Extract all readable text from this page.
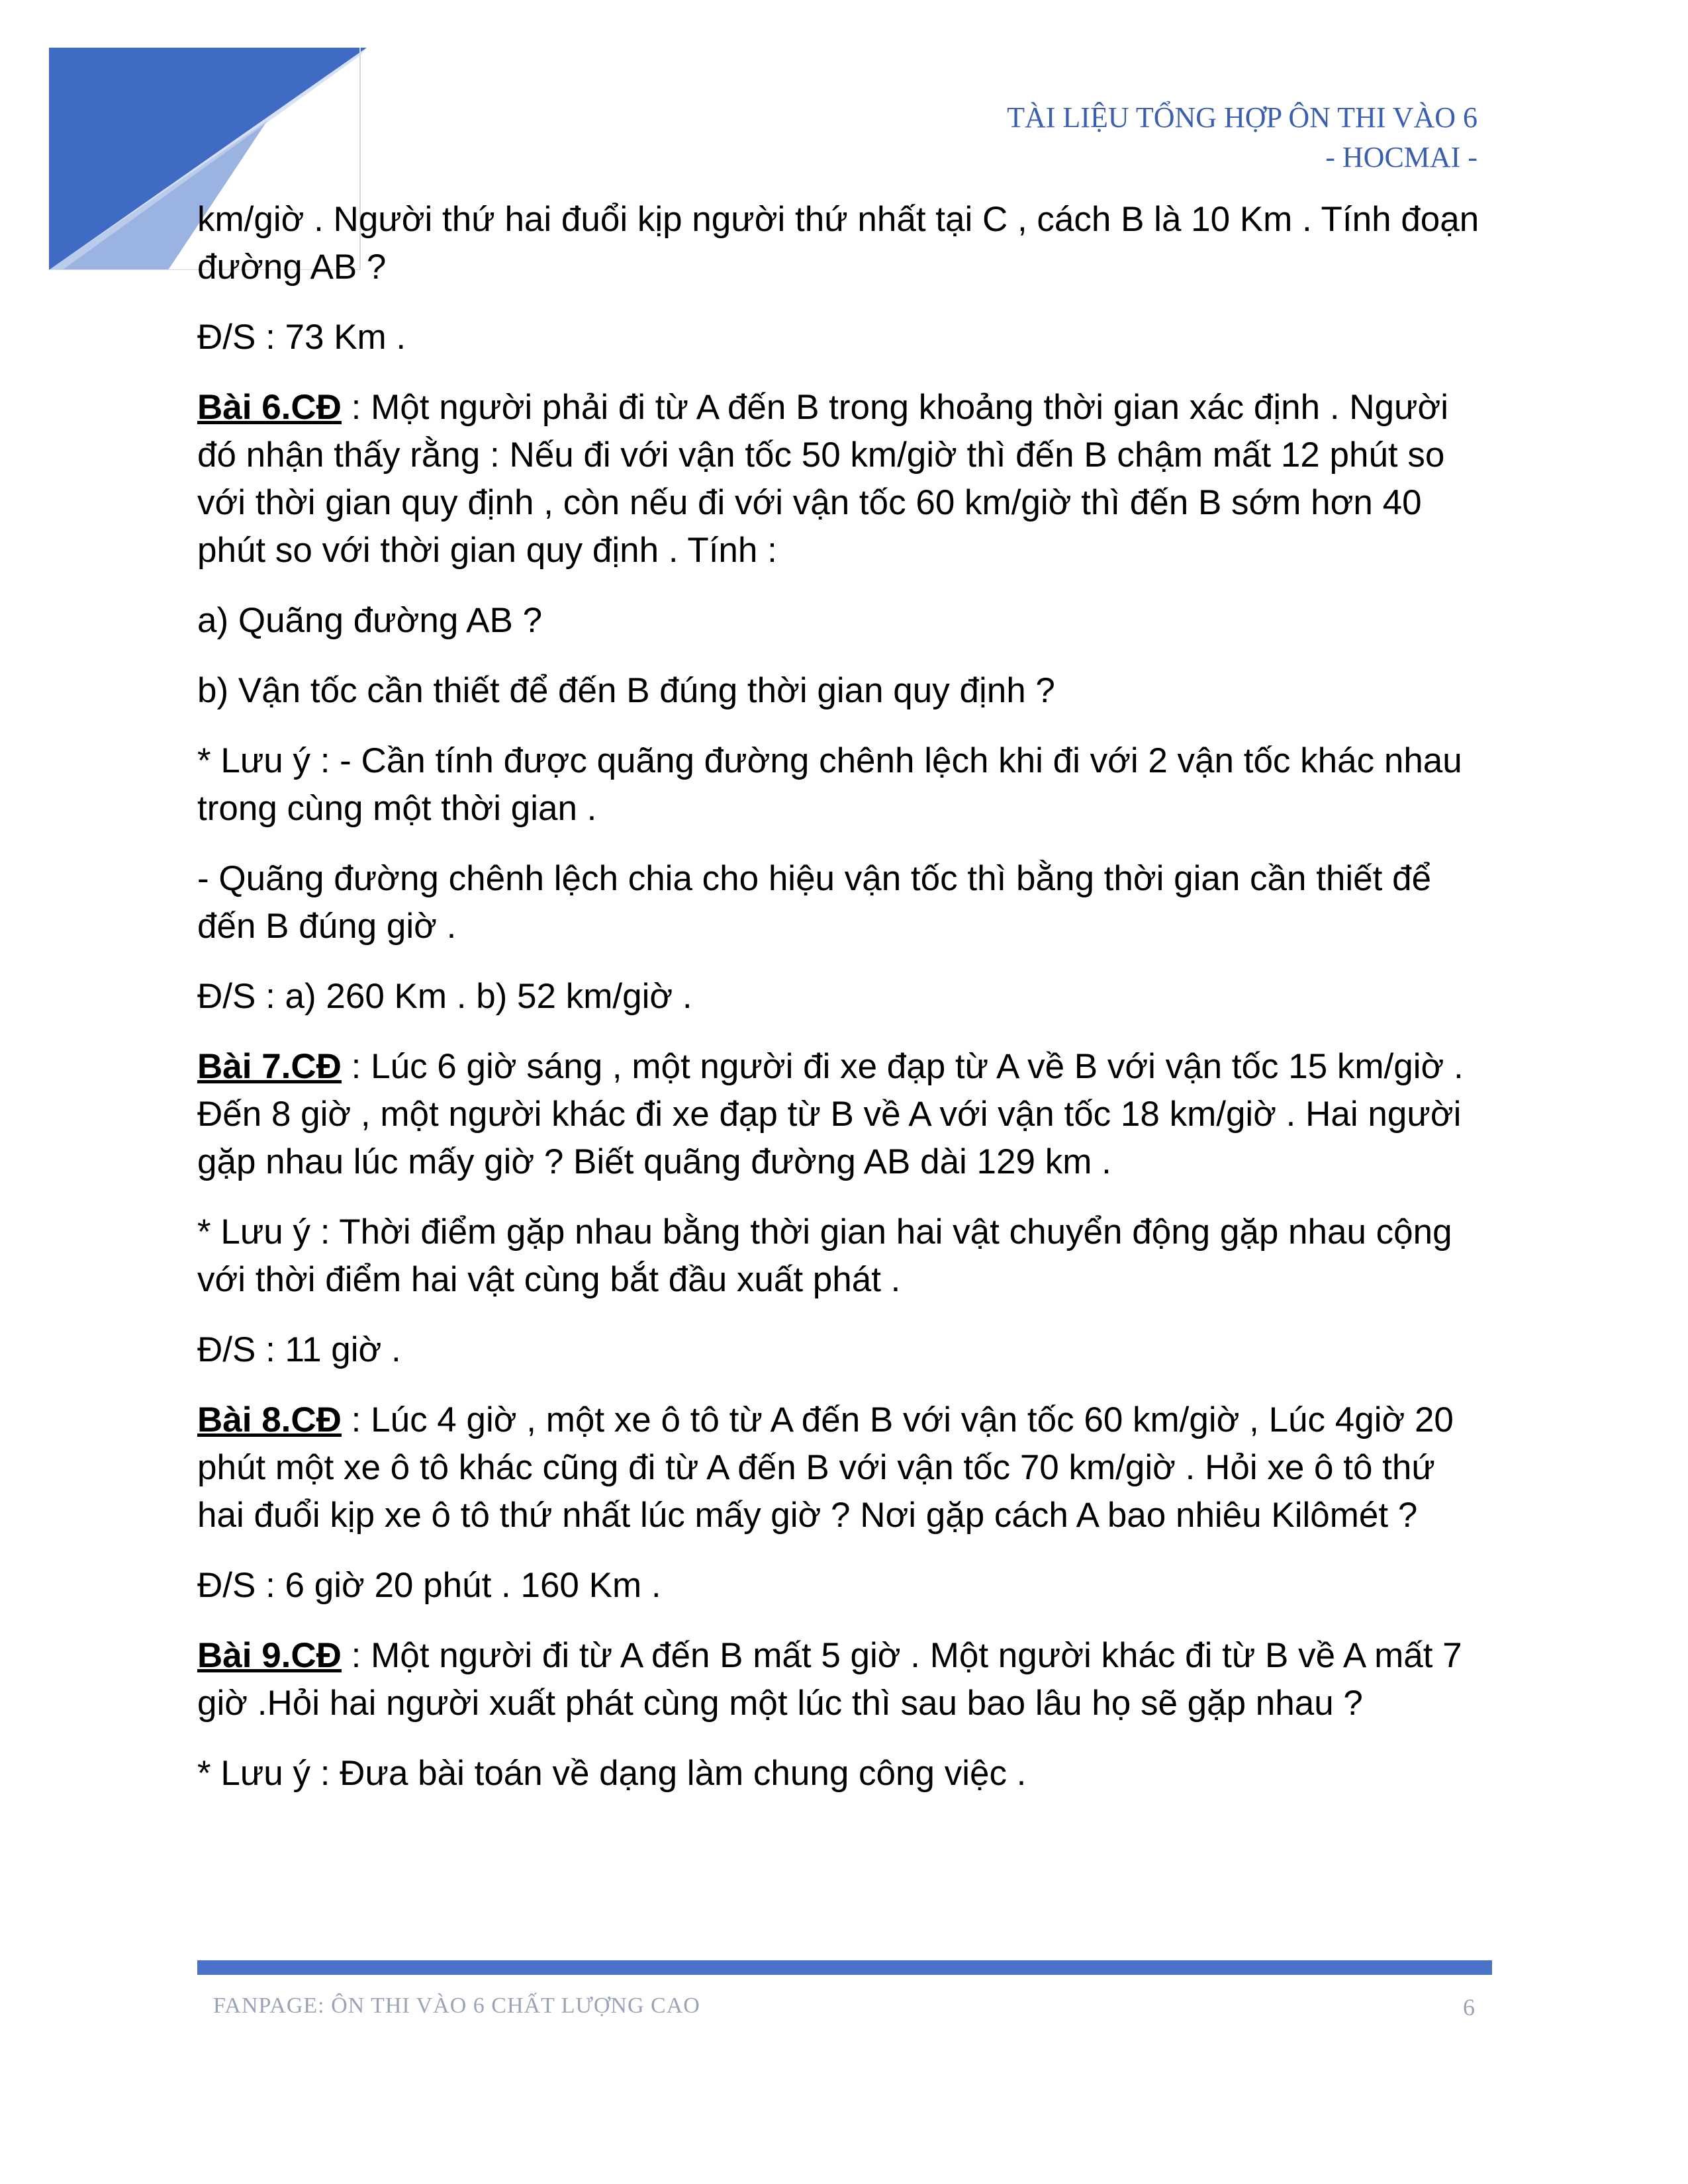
TÀI LIỆU TỔNG HỢP ÔN THI VÀO 6
- HOCMAI -

km/giờ . Người thứ hai đuổi kịp người thứ nhất tại C , cách B là 10 Km . Tính đoạn đường AB ?

Đ/S : 73 Km .

Bài 6.CĐ : Một người phải đi từ A đến B trong khoảng thời gian xác định . Người đó nhận thấy rằng : Nếu đi với vận tốc 50 km/giờ thì đến B chậm mất 12 phút so với thời gian quy định , còn nếu đi với vận tốc 60 km/giờ thì đến B sớm hơn 40 phút so với thời gian quy định . Tính :

a) Quãng đường AB ?

b) Vận tốc cần thiết để đến B đúng thời gian quy định ?

* Lưu ý : - Cần tính được quãng đường chênh lệch khi đi với 2 vận tốc khác nhau trong cùng một thời gian .

- Quãng đường chênh lệch chia cho hiệu vận tốc thì bằng thời gian cần thiết để đến B đúng giờ .

Đ/S : a) 260 Km . b) 52 km/giờ .

Bài 7.CĐ : Lúc 6 giờ sáng , một người đi xe đạp từ A về B với vận tốc 15 km/giờ . Đến 8 giờ , một người khác đi xe đạp từ B về A với vận tốc 18 km/giờ . Hai người gặp nhau lúc mấy giờ ? Biết quãng đường AB dài 129 km .

* Lưu ý : Thời điểm gặp nhau bằng thời gian hai vật chuyển động gặp nhau cộng với thời điểm hai vật cùng bắt đầu xuất phát .

Đ/S : 11 giờ .

Bài 8.CĐ : Lúc 4 giờ , một xe ô tô từ A đến B với vận tốc 60 km/giờ , Lúc 4giờ 20 phút một xe ô tô khác cũng đi từ A đến B với vận tốc 70 km/giờ . Hỏi xe ô tô thứ hai đuổi kịp xe ô tô thứ nhất lúc mấy giờ ? Nơi gặp cách A bao nhiêu Kilômét ?

Đ/S : 6 giờ 20 phút . 160 Km .

Bài 9.CĐ : Một người đi từ A đến B mất 5 giờ . Một người khác đi từ B về A mất 7 giờ .Hỏi hai người xuất phát cùng một lúc thì sau bao lâu họ sẽ gặp nhau ?

* Lưu ý : Đưa bài toán về dạng làm chung công việc .

FANPAGE: ÔN THI VÀO 6 CHẤT LƯỢNG CAO	6
